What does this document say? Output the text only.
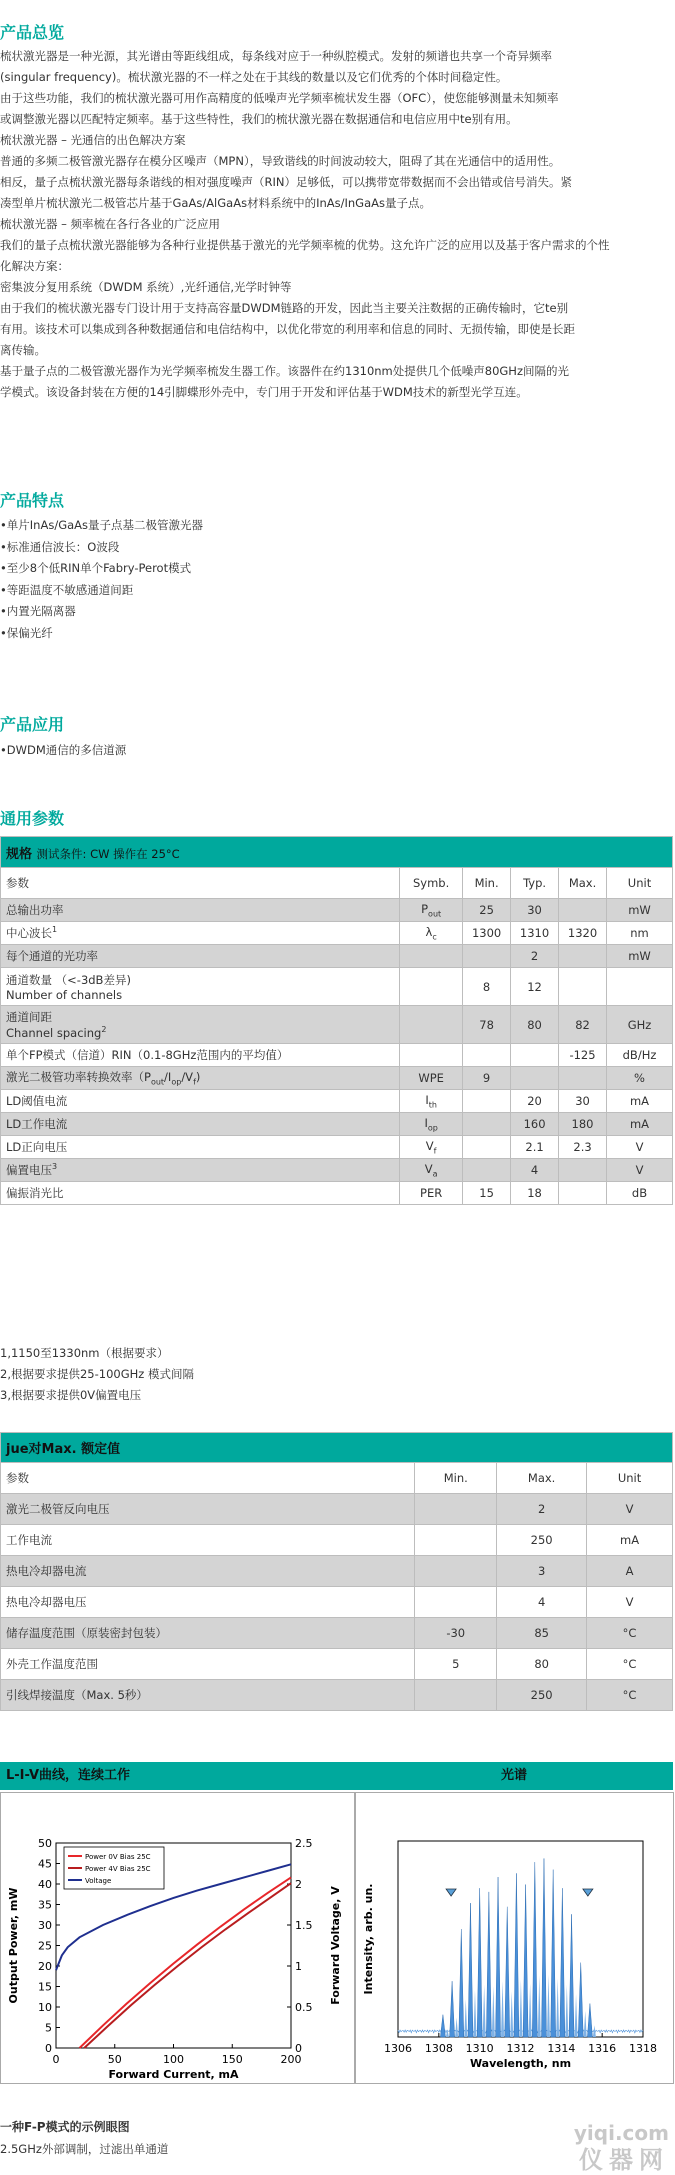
产品总览
梳状激光器是一种光源，其光谱由等距线组成，每条线对应于一种纵腔模式。发射的频谱也共享一个奇异频率
(singular frequency)。梳状激光器的不一样之处在于其线的数量以及它们优秀的个体时间稳定性。
由于这些功能，我们的梳状激光器可用作高精度的低噪声光学频率梳状发生器（OFC），使您能够测量未知频率
或调整激光器以匹配特定频率。基于这些特性，我们的梳状激光器在数据通信和电信应用中te别有用。
梳状激光器 – 光通信的出色解决方案
普通的多频二极管激光器存在模分区噪声（MPN），导致谐线的时间波动较大，阻碍了其在光通信中的适用性。
相反，量子点梳状激光器每条谐线的相对强度噪声（RIN）足够低，可以携带宽带数据而不会出错或信号消失。紧
凑型单片梳状激光二极管芯片基于GaAs/AlGaAs材料系统中的InAs/InGaAs量子点。
梳状激光器 – 频率梳在各行各业的广泛应用
我们的量子点梳状激光器能够为各种行业提供基于激光的光学频率梳的优势。这允许广泛的应用以及基于客户需求的个性
化解决方案：
密集波分复用系统（DWDM 系统）,光纤通信,光学时钟等
由于我们的梳状激光器专门设计用于支持高容量DWDM链路的开发，因此当主要关注数据的正确传输时，它te别
有用。该技术可以集成到各种数据通信和电信结构中，以优化带宽的利用率和信息的同时、无损传输，即使是长距
离传输。
基于量子点的二极管激光器作为光学频率梳发生器工作。该器件在约1310nm处提供几个低噪声80GHz间隔的光
学模式。该设备封装在方便的14引脚蝶形外壳中，专门用于开发和评估基于WDM技术的新型光学互连。
产品特点
•单片InAs/GaAs量子点基二极管激光器
•标准通信波长：O波段
•至少8个低RIN单个Fabry-Perot模式
•等距温度不敏感通道间距
•内置光隔离器
•保偏光纤
产品应用
•DWDM通信的多信道源
通用参数
规格 测试条件: CW 操作在 25°C					
参数	Symb.	Min.	Typ.	Max.	Unit

总输出功率	$P_{out}$	25	30		mW

中心波长$^1$	$\lambda_c$	1300	1310	1320	nm

每个通道的光功率			2		mW

通道数量 （<-3dB差异)
Number of channels		8	12		

通道间距
Channel spacing$^2$		78	80	82	GHz

单个FP模式（信道）RIN（0.1-8GHz范围内的平均值）				-125	dB/Hz

激光二极管功率转换效率$(P_{out}/I_{op}/V_f)$	WPE	9			%

LD阈值电流	$I_{th}$		20	30	mA

LD工作电流	$I_{op}$		160	180	mA

LD正向电压	$V_f$		2.1	2.3	V

偏置电压$^3$	$V_a$		4		V

偏振消光比	PER	15	18		dB
1,1150至1330nm（根据要求）
2,根据要求提供25-100GHz 模式间隔
3,根据要求提供0V偏置电压
jue对Max. 额定值			
参数	Min.	Max.	Unit
激光二极管反向电压		2	V
工作电流		250	mA
热电冷却器电流		3	A
热电冷却器电压		4	V
储存温度范围（原装密封包装）	-30	85	°C
外壳工作温度范围	5	80	°C
引线焊接温度（Max. 5秒）		250	°C
L-I-V曲线，连续工作	光谱
0	50	100	150	200
0
5
10
15
20
25
30
35
40
45
50
0
0.5
1
1.5
2
2.5
Forward Current, mA
Output Power, mW	Forward Voltage, V
Power 0V Bias 25C
Power 4V Bias 25C
Voltage
1306 1308 1310 1312 1314 1316 1318
Wavelength, nm
Intensity, arb. un.
一种F-P模式的示例眼图
2.5GHz外部调制，过滤出单通道
yiqi.com
仪器网
